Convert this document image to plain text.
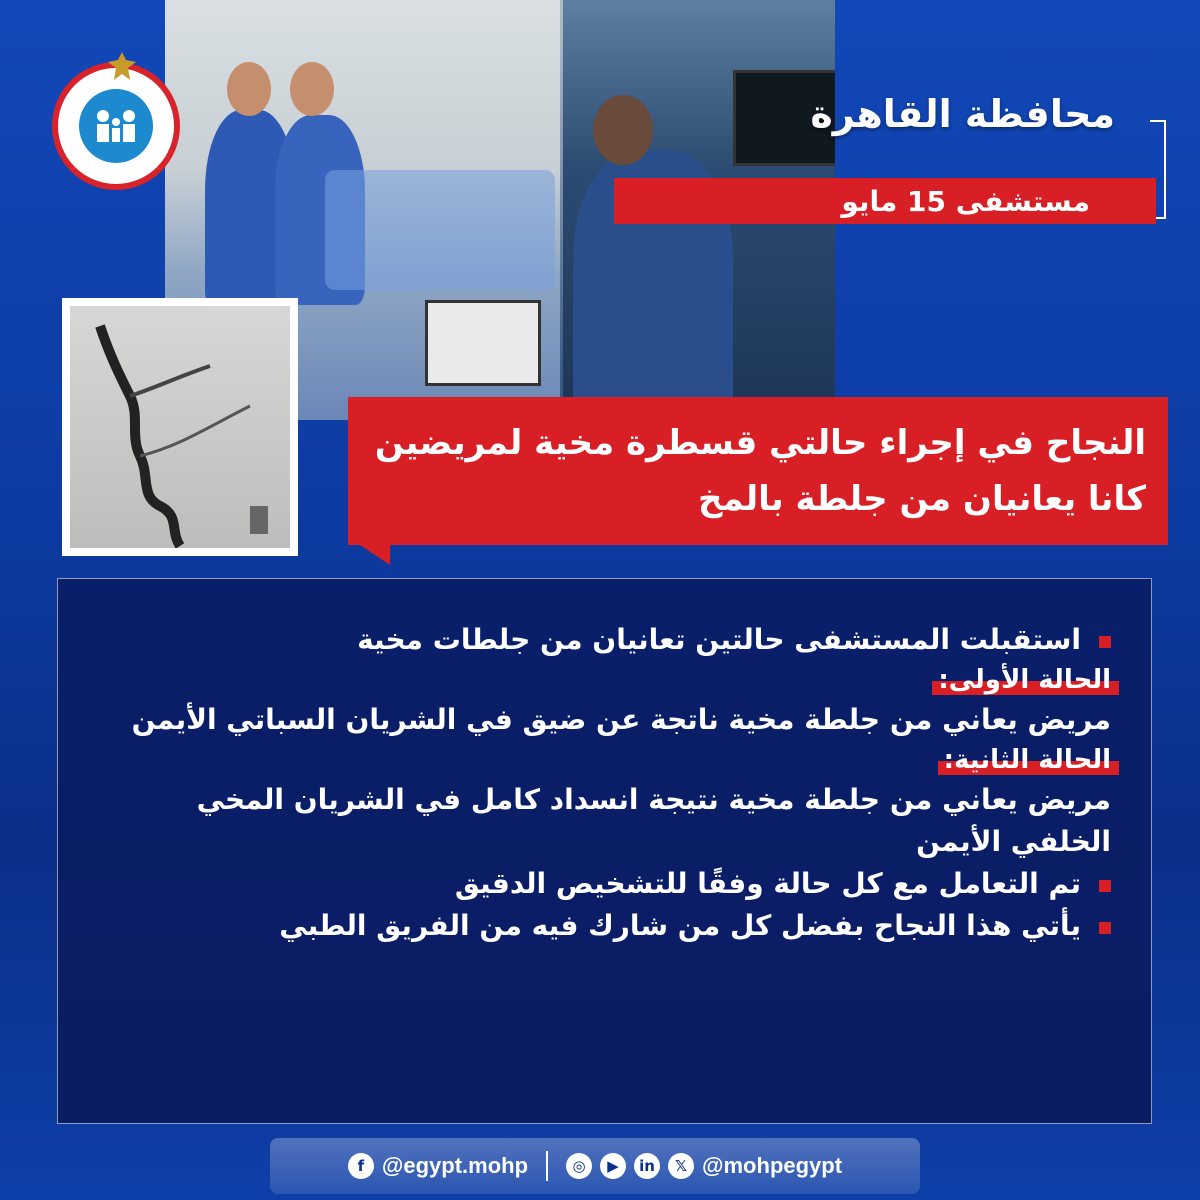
محافظة القاهرة
مستشفى 15 مايو
النجاح في إجراء حالتي قسطرة مخية لمريضين
كانا يعانيان من جلطة بالمخ

استقبلت المستشفى حالتين تعانيان من جلطات مخية

الحالة الأولى:

مريض يعاني من جلطة مخية ناتجة عن ضيق في الشريان السباتي الأيمن

الحالة الثانية:

مريض يعاني من جلطة مخية نتيجة انسداد كامل في الشريان المخي الخلفي الأيمن

تم التعامل مع كل حالة وفقًا للتشخيص الدقيق

يأتي هذا النجاح بفضل كل من شارك فيه من الفريق الطبي

f @egypt.mohp	◎	▶	in	𝕏 @mohpegypt
